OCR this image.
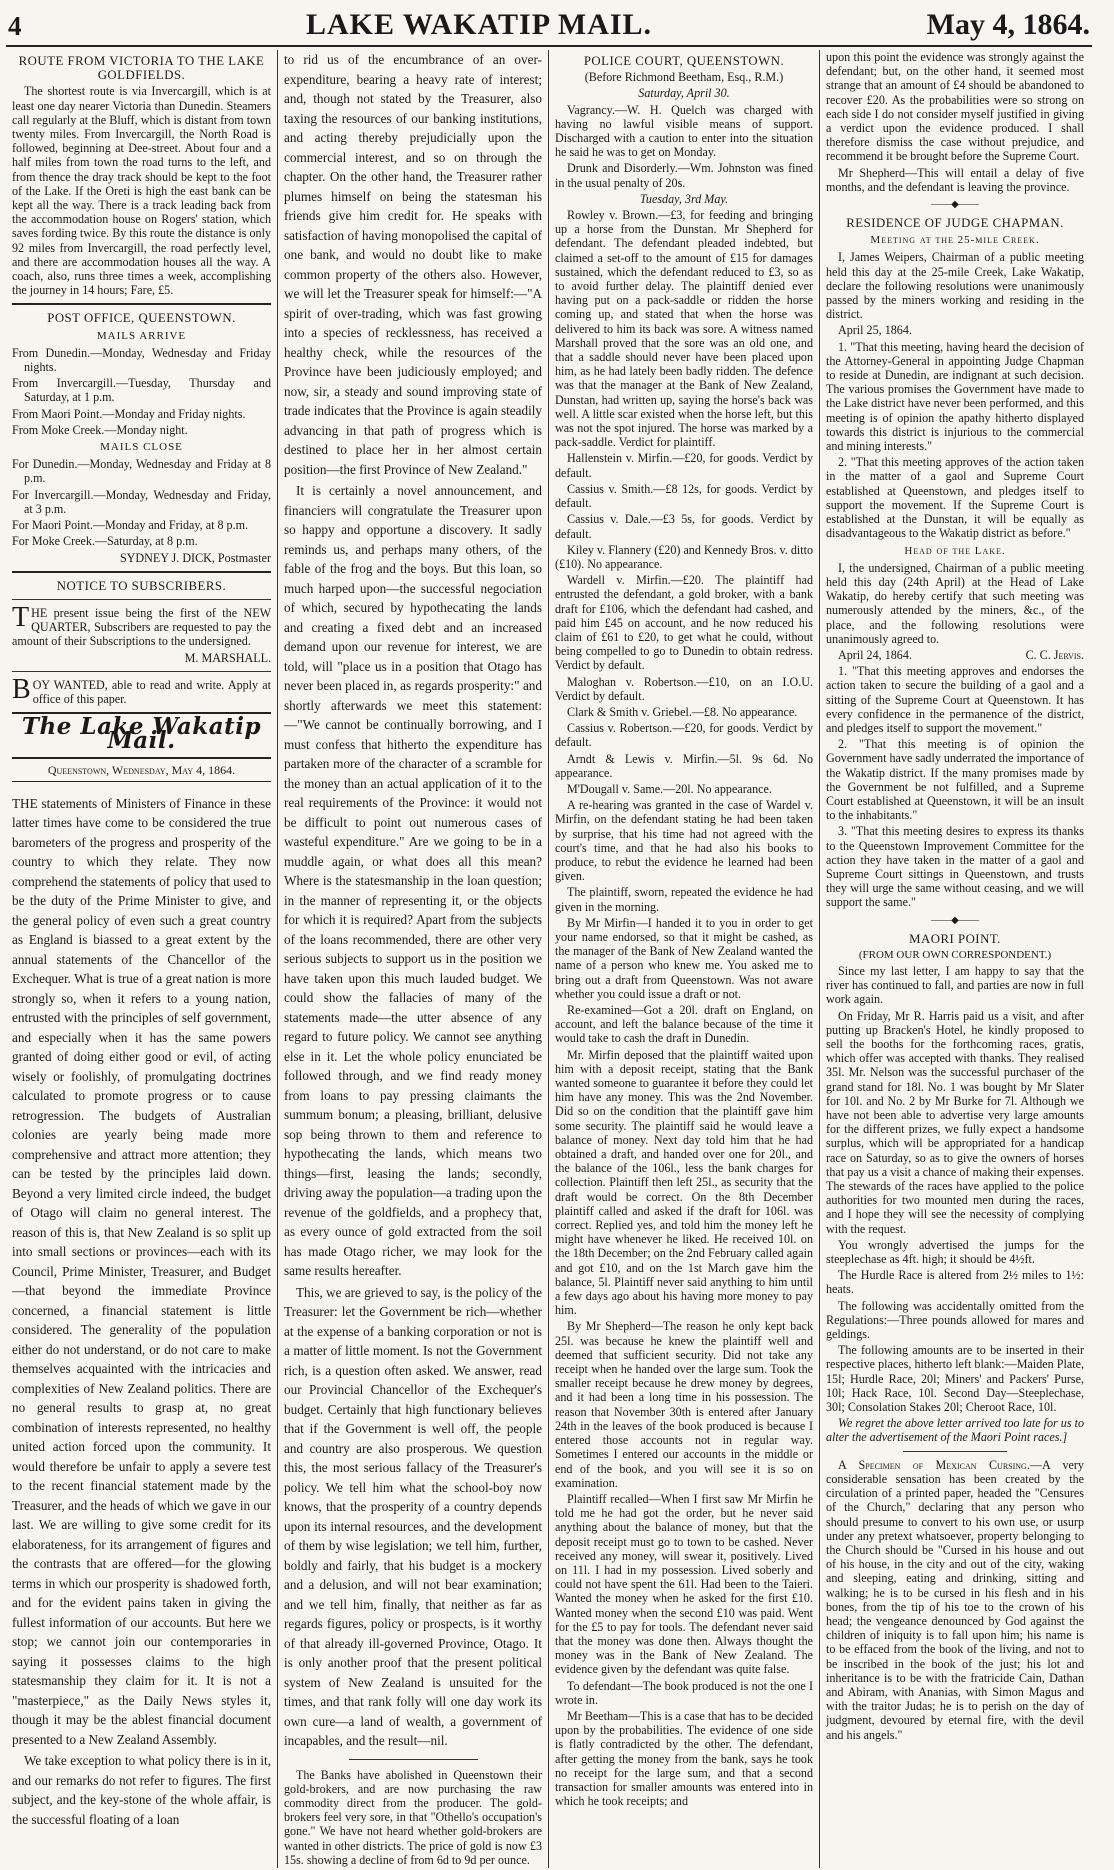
4	LAKE WAKATIP MAIL.	May 4, 1864.
ROUTE FROM VICTORIA TO THE LAKE GOLDFIELDS.

The shortest route is via Invercargill, which is at least one day nearer Victoria than Dunedin. Steamers call regularly at the Bluff, which is distant from town twenty miles. From Invercargill, the North Road is followed, beginning at Dee-street. About four and a half miles from town the road turns to the left, and from thence the dray track should be kept to the foot of the Lake. If the Oreti is high the east bank can be kept all the way. There is a track leading back from the accommodation house on Rogers' station, which saves fording twice. By this route the distance is only 92 miles from Invercargill, the road perfectly level, and there are accommodation houses all the way. A coach, also, runs three times a week, accomplishing the journey in 14 hours; Fare, £5.

POST OFFICE, QUEENSTOWN.
MAILS ARRIVE

From Dunedin.—Monday, Wednesday and Friday nights.

From Invercargill.—Tuesday, Thursday and Saturday, at 1 p.m.

From Maori Point.—Monday and Friday nights.

From Moke Creek.—Monday night.

MAILS CLOSE

For Dunedin.—Monday, Wednesday and Friday at 8 p.m.

For Invercargill.—Monday, Wednesday and Friday, at 3 p.m.

For Maori Point.—Monday and Friday, at 8 p.m.

For Moke Creek.—Saturday, at 8 p.m.

SYDNEY J. DICK, Postmaster

NOTICE TO SUBSCRIBERS.

THE present issue being the first of the NEW QUARTER, Subscribers are requested to pay the amount of their Subscriptions to the undersigned.

M. MARSHALL.

BOY WANTED, able to read and write. Apply at office of this paper.

The Lake Wakatip Mail.
Queenstown, Wednesday, May 4, 1864.

THE statements of Ministers of Finance in these latter times have come to be considered the true barometers of the progress and prosperity of the country to which they relate. They now comprehend the statements of policy that used to be the duty of the Prime Minister to give, and the general policy of even such a great country as England is biassed to a great extent by the annual statements of the Chancellor of the Exchequer. What is true of a great nation is more strongly so, when it refers to a young nation, entrusted with the principles of self government, and especially when it has the same powers granted of doing either good or evil, of acting wisely or foolishly, of promulgating doctrines calculated to promote progress or to cause retrogression. The budgets of Australian colonies are yearly being made more comprehensive and attract more attention; they can be tested by the principles laid down. Beyond a very limited circle indeed, the budget of Otago will claim no general interest. The reason of this is, that New Zealand is so split up into small sections or provinces—each with its Council, Prime Minister, Treasurer, and Budget—that beyond the immediate Province concerned, a financial statement is little considered. The generality of the population either do not understand, or do not care to make themselves acquainted with the intricacies and complexities of New Zealand politics. There are no general results to grasp at, no great combination of interests represented, no healthy united action forced upon the community. It would therefore be unfair to apply a severe test to the recent financial statement made by the Treasurer, and the heads of which we gave in our last. We are willing to give some credit for its elaborateness, for its arrangement of figures and the contrasts that are offered—for the glowing terms in which our prosperity is shadowed forth, and for the evident pains taken in giving the fullest information of our accounts. But here we stop; we cannot join our contemporaries in saying it possesses claims to the high statesmanship they claim for it. It is not a "masterpiece," as the Daily News styles it, though it may be the ablest financial document presented to a New Zealand Assembly.

We take exception to what policy there is in it, and our remarks do not refer to figures. The first subject, and the key-stone of the whole affair, is the successful floating of a loan

to rid us of the encumbrance of an over-expenditure, bearing a heavy rate of interest; and, though not stated by the Treasurer, also taxing the resources of our banking institutions, and acting thereby prejudicially upon the commercial interest, and so on through the chapter. On the other hand, the Treasurer rather plumes himself on being the statesman his friends give him credit for. He speaks with satisfaction of having monopolised the capital of one bank, and would no doubt like to make common property of the others also. However, we will let the Treasurer speak for himself:—"A spirit of over-trading, which was fast growing into a species of recklessness, has received a healthy check, while the resources of the Province have been judiciously employed; and now, sir, a steady and sound improving state of trade indicates that the Province is again steadily advancing in that path of progress which is destined to place her in her almost certain position—the first Province of New Zealand."

It is certainly a novel announcement, and financiers will congratulate the Treasurer upon so happy and opportune a discovery. It sadly reminds us, and perhaps many others, of the fable of the frog and the boys. But this loan, so much harped upon—the successful negociation of which, secured by hypothecating the lands and creating a fixed debt and an increased demand upon our revenue for interest, we are told, will "place us in a position that Otago has never been placed in, as regards prosperity:" and shortly afterwards we meet this statement:—"We cannot be continually borrowing, and I must confess that hitherto the expenditure has partaken more of the character of a scramble for the money than an actual application of it to the real requirements of the Province: it would not be difficult to point out numerous cases of wasteful expenditure." Are we going to be in a muddle again, or what does all this mean? Where is the statesmanship in the loan question; in the manner of representing it, or the objects for which it is required? Apart from the subjects of the loans recommended, there are other very serious subjects to support us in the position we have taken upon this much lauded budget. We could show the fallacies of many of the statements made—the utter absence of any regard to future policy. We cannot see anything else in it. Let the whole policy enunciated be followed through, and we find ready money from loans to pay pressing claimants the summum bonum; a pleasing, brilliant, delusive sop being thrown to them and reference to hypothecating the lands, which means two things—first, leasing the lands; secondly, driving away the population—a trading upon the revenue of the goldfields, and a prophecy that, as every ounce of gold extracted from the soil has made Otago richer, we may look for the same results hereafter.

This, we are grieved to say, is the policy of the Treasurer: let the Government be rich—whether at the expense of a banking corporation or not is a matter of little moment. Is not the Government rich, is a question often asked. We answer, read our Provincial Chancellor of the Exchequer's budget. Certainly that high functionary believes that if the Government is well off, the people and country are also prosperous. We question this, the most serious fallacy of the Treasurer's policy. We tell him what the school-boy now knows, that the prosperity of a country depends upon its internal resources, and the development of them by wise legislation; we tell him, further, boldly and fairly, that his budget is a mockery and a delusion, and will not bear examination; and we tell him, finally, that neither as far as regards figures, policy or prospects, is it worthy of that already ill-governed Province, Otago. It is only another proof that the present political system of New Zealand is unsuited for the times, and that rank folly will one day work its own cure—a land of wealth, a government of incapables, and the result—nil.

The Banks have abolished in Queenstown their gold-brokers, and are now purchasing the raw commodity direct from the producer. The gold-brokers feel very sore, in that "Othello's occupation's gone." We have not heard whether gold-brokers are wanted in other districts. The price of gold is now £3 15s. showing a decline of from 6d to 9d per ounce.

POLICE COURT, QUEENSTOWN.

(Before Richmond Beetham, Esq., R.M.)

Saturday, April 30.

Vagrancy.—W. H. Quelch was charged with having no lawful visible means of support. Discharged with a caution to enter into the situation he said he was to get on Monday.

Drunk and Disorderly.—Wm. Johnston was fined in the usual penalty of 20s.

Tuesday, 3rd May.

Rowley v. Brown.—£3, for feeding and bringing up a horse from the Dunstan. Mr Shepherd for defendant. The defendant pleaded indebted, but claimed a set-off to the amount of £15 for damages sustained, which the defendant reduced to £3, so as to avoid further delay. The plaintiff denied ever having put on a pack-saddle or ridden the horse coming up, and stated that when the horse was delivered to him its back was sore. A witness named Marshall proved that the sore was an old one, and that a saddle should never have been placed upon him, as he had lately been badly ridden. The defence was that the manager at the Bank of New Zealand, Dunstan, had written up, saying the horse's back was well. A little scar existed when the horse left, but this was not the spot injured. The horse was marked by a pack-saddle. Verdict for plaintiff.

Hallenstein v. Mirfin.—£20, for goods. Verdict by default.

Cassius v. Smith.—£8 12s, for goods. Verdict by default.

Cassius v. Dale.—£3 5s, for goods. Verdict by default.

Kiley v. Flannery (£20) and Kennedy Bros. v. ditto (£10). No appearance.

Wardell v. Mirfin.—£20. The plaintiff had entrusted the defendant, a gold broker, with a bank draft for £106, which the defendant had cashed, and paid him £45 on account, and he now reduced his claim of £61 to £20, to get what he could, without being compelled to go to Dunedin to obtain redress. Verdict by default.

Maloghan v. Robertson.—£10, on an I.O.U. Verdict by default.

Clark & Smith v. Griebel.—£8. No appearance.

Cassius v. Robertson.—£20, for goods. Verdict by default.

Arndt & Lewis v. Mirfin.—5l. 9s 6d. No appearance.

M'Dougall v. Same.—20l. No appearance.

A re-hearing was granted in the case of Wardel v. Mirfin, on the defendant stating he had been taken by surprise, that his time had not agreed with the court's time, and that he had also his books to produce, to rebut the evidence he learned had been given.

The plaintiff, sworn, repeated the evidence he had given in the morning.

By Mr Mirfin—I handed it to you in order to get your name endorsed, so that it might be cashed, as the manager of the Bank of New Zealand wanted the name of a person who knew me. You asked me to bring out a draft from Queenstown. Was not aware whether you could issue a draft or not.

Re-examined—Got a 20l. draft on England, on account, and left the balance because of the time it would take to cash the draft in Dunedin.

Mr. Mirfin deposed that the plaintiff waited upon him with a deposit receipt, stating that the Bank wanted someone to guarantee it before they could let him have any money. This was the 2nd November. Did so on the condition that the plaintiff gave him some security. The plaintiff said he would leave a balance of money. Next day told him that he had obtained a draft, and handed over one for 20l., and the balance of the 106l., less the bank charges for collection. Plaintiff then left 25l., as security that the draft would be correct. On the 8th December plaintiff called and asked if the draft for 106l. was correct. Replied yes, and told him the money left he might have whenever he liked. He received 10l. on the 18th December; on the 2nd February called again and got £10, and on the 1st March gave him the balance, 5l. Plaintiff never said anything to him until a few days ago about his having more money to pay him.

By Mr Shepherd—The reason he only kept back 25l. was because he knew the plaintiff well and deemed that sufficient security. Did not take any receipt when he handed over the large sum. Took the smaller receipt because he drew money by degrees, and it had been a long time in his possession. The reason that November 30th is entered after January 24th in the leaves of the book produced is because I entered those accounts not in regular way. Sometimes I entered our accounts in the middle or end of the book, and you will see it is so on examination.

Plaintiff recalled—When I first saw Mr Mirfin he told me he had got the order, but he never said anything about the balance of money, but that the deposit receipt must go to town to be cashed. Never received any money, will swear it, positively. Lived on 11l. I had in my possession. Lived soberly and could not have spent the 61l. Had been to the Taieri. Wanted the money when he asked for the first £10. Wanted money when the second £10 was paid. Went for the £5 to pay for tools. The defendant never said that the money was done then. Always thought the money was in the Bank of New Zealand. The evidence given by the defendant was quite false.

To defendant—The book produced is not the one I wrote in.

Mr Beetham—This is a case that has to be decided upon by the probabilities. The evidence of one side is flatly contradicted by the other. The defendant, after getting the money from the bank, says he took no receipt for the large sum, and that a second transaction for smaller amounts was entered into in which he took receipts; and

upon this point the evidence was strongly against the defendant; but, on the other hand, it seemed most strange that an amount of £4 should be abandoned to recover £20. As the probabilities were so strong on each side I do not consider myself justified in giving a verdict upon the evidence produced. I shall therefore dismiss the case without prejudice, and recommend it be brought before the Supreme Court.

Mr Shepherd—This will entail a delay of five months, and the defendant is leaving the province.

——◆——
RESIDENCE OF JUDGE CHAPMAN.
Meeting at the 25-mile Creek.

I, James Weipers, Chairman of a public meeting held this day at the 25-mile Creek, Lake Wakatip, declare the following resolutions were unanimously passed by the miners working and residing in the district.

April 25, 1864.

1. "That this meeting, having heard the decision of the Attorney-General in appointing Judge Chapman to reside at Dunedin, are indignant at such decision. The various promises the Government have made to the Lake district have never been performed, and this meeting is of opinion the apathy hitherto displayed towards this district is injurious to the commercial and mining interests."

2. "That this meeting approves of the action taken in the matter of a gaol and Supreme Court established at Queenstown, and pledges itself to support the movement. If the Supreme Court is established at the Dunstan, it will be equally as disadvantageous to the Wakatip district as before."

Head of the Lake.

I, the undersigned, Chairman of a public meeting held this day (24th April) at the Head of Lake Wakatip, do hereby certify that such meeting was numerously attended by the miners, &c., of the place, and the following resolutions were unanimously agreed to.

April 24, 1864.	C. C. Jervis.

1. "That this meeting approves and endorses the action taken to secure the building of a gaol and a sitting of the Supreme Court at Queenstown. It has every confidence in the permanence of the district, and pledges itself to support the movement."

2. "That this meeting is of opinion the Government have sadly underrated the importance of the Wakatip district. If the many promises made by the Government be not fulfilled, and a Supreme Court established at Queenstown, it will be an insult to the inhabitants."

3. "That this meeting desires to express its thanks to the Queenstown Improvement Committee for the action they have taken in the matter of a gaol and Supreme Court sittings in Queenstown, and trusts they will urge the same without ceasing, and we will support the same."

——◆——
MAORI POINT.

(FROM OUR OWN CORRESPONDENT.)

Since my last letter, I am happy to say that the river has continued to fall, and parties are now in full work again.

On Friday, Mr R. Harris paid us a visit, and after putting up Bracken's Hotel, he kindly proposed to sell the booths for the forthcoming races, gratis, which offer was accepted with thanks. They realised 35l. Mr. Nelson was the successful purchaser of the grand stand for 18l. No. 1 was bought by Mr Slater for 10l. and No. 2 by Mr Burke for 7l. Although we have not been able to advertise very large amounts for the different prizes, we fully expect a handsome surplus, which will be appropriated for a handicap race on Saturday, so as to give the owners of horses that pay us a visit a chance of making their expenses. The stewards of the races have applied to the police authorities for two mounted men during the races, and I hope they will see the necessity of complying with the request.

You wrongly advertised the jumps for the steeplechase as 4ft. high; it should be 4½ft.

The Hurdle Race is altered from 2½ miles to 1½: heats.

The following was accidentally omitted from the Regulations:—Three pounds allowed for mares and geldings.

The following amounts are to be inserted in their respective places, hitherto left blank:—Maiden Plate, 15l; Hurdle Race, 20l; Miners' and Packers' Purse, 10l; Hack Race, 10l. Second Day—Steeplechase, 30l; Consolation Stakes 20l; Cheroot Race, 10l.

We regret the above letter arrived too late for us to alter the advertisement of the Maori Point races.]

A Specimen of Mexican Cursing.—A very considerable sensation has been created by the circulation of a printed paper, headed the "Censures of the Church," declaring that any person who should presume to convert to his own use, or usurp under any pretext whatsoever, property belonging to the Church should be "Cursed in his house and out of his house, in the city and out of the city, waking and sleeping, eating and drinking, sitting and walking; he is to be cursed in his flesh and in his bones, from the tip of his toe to the crown of his head; the vengeance denounced by God against the children of iniquity is to fall upon him; his name is to be effaced from the book of the living, and not to be inscribed in the book of the just; his lot and inheritance is to be with the fratricide Cain, Dathan and Abiram, with Ananias, with Simon Magus and with the traitor Judas; he is to perish on the day of judgment, devoured by eternal fire, with the devil and his angels."
